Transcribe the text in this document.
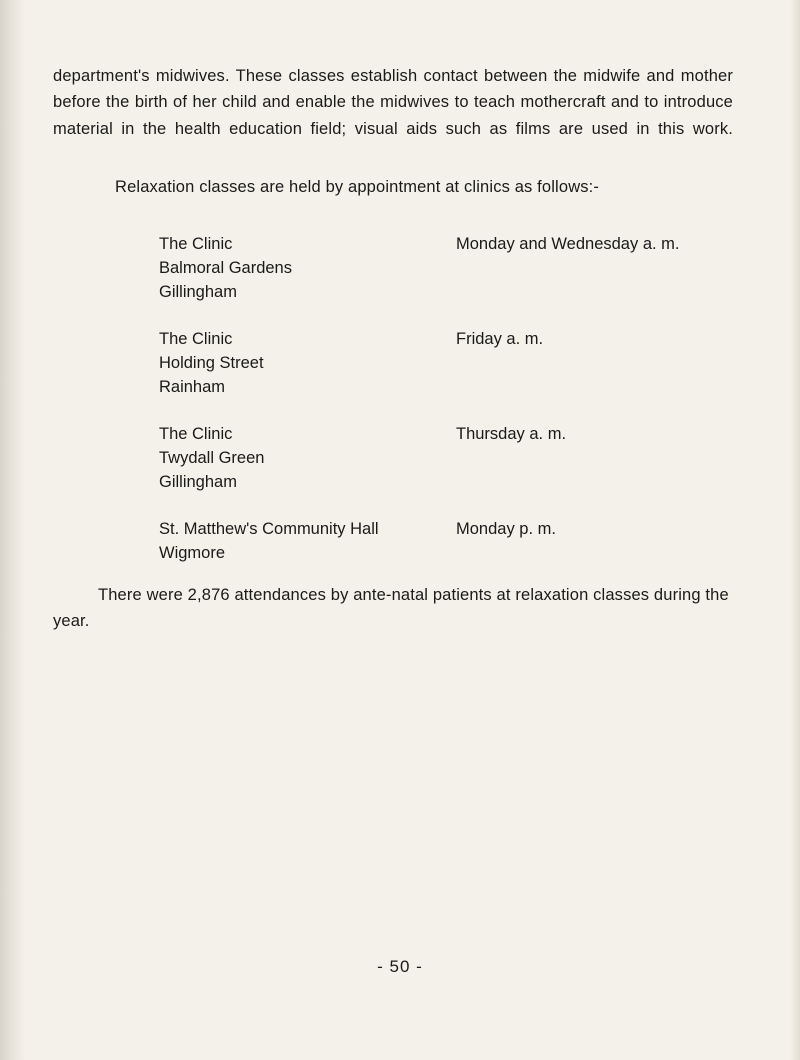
department's midwives. These classes establish contact between the midwife and mother before the birth of her child and enable the midwives to teach mothercraft and to introduce material in the health education field; visual aids such as films are used in this work.

Relaxation classes are held by appointment at clinics as follows:-

The Clinic
Balmoral Gardens
Gillingham
Monday and Wednesday a. m.
The Clinic
Holding Street
Rainham
Friday a. m.
The Clinic
Twydall Green
Gillingham
Thursday a. m.
St. Matthew's Community Hall
Wigmore
Monday p. m.

There were 2,876 attendances by ante-natal patients at relaxation classes during the year.

- 50 -
